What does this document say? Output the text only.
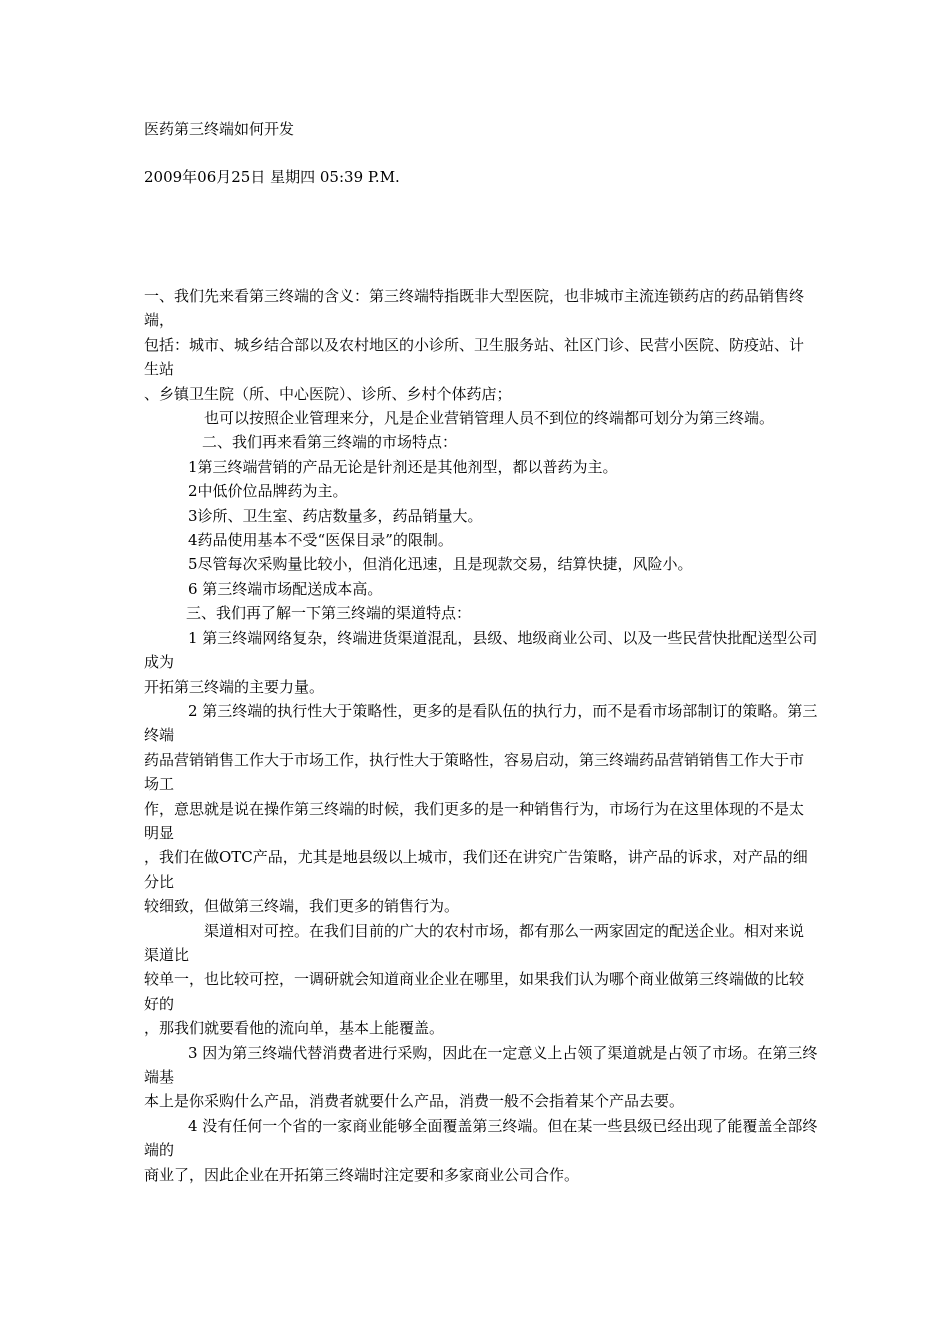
医药第三终端如何开发
2009年06月25日 星期四 05:39 P.M.

一、我们先来看第三终端的含义：第三终端特指既非大型医院，也非城市主流连锁药店的药品销售终端，

包括：城市、城乡结合部以及农村地区的小诊所、卫生服务站、社区门诊、民营小医院、防疫站、计生站

、乡镇卫生院（所、中心医院）、诊所、乡村个体药店；

也可以按照企业管理来分，凡是企业营销管理人员不到位的终端都可划分为第三终端。

二、我们再来看第三终端的市场特点：

1第三终端营销的产品无论是针剂还是其他剂型，都以普药为主。

2中低价位品牌药为主。

3诊所、卫生室、药店数量多，药品销量大。

4药品使用基本不受“医保目录”的限制。

5尽管每次采购量比较小，但消化迅速，且是现款交易，结算快捷，风险小。

6 第三终端市场配送成本高。

三、我们再了解一下第三终端的渠道特点：

1 第三终端网络复杂，终端进货渠道混乱，县级、地级商业公司、以及一些民营快批配送型公司成为

开拓第三终端的主要力量。

2 第三终端的执行性大于策略性，更多的是看队伍的执行力，而不是看市场部制订的策略。第三终端

药品营销销售工作大于市场工作，执行性大于策略性，容易启动，第三终端药品营销销售工作大于市场工

作，意思就是说在操作第三终端的时候，我们更多的是一种销售行为，市场行为在这里体现的不是太明显

，我们在做OTC产品，尤其是地县级以上城市，我们还在讲究广告策略，讲产品的诉求，对产品的细分比

较细致，但做第三终端，我们更多的销售行为。

渠道相对可控。在我们目前的广大的农村市场，都有那么一两家固定的配送企业。相对来说渠道比

较单一，也比较可控，一调研就会知道商业企业在哪里，如果我们认为哪个商业做第三终端做的比较好的

，那我们就要看他的流向单，基本上能覆盖。

3 因为第三终端代替消费者进行采购，因此在一定意义上占领了渠道就是占领了市场。在第三终端基

本上是你采购什么产品，消费者就要什么产品，消费一般不会指着某个产品去要。

4 没有任何一个省的一家商业能够全面覆盖第三终端。但在某一些县级已经出现了能覆盖全部终端的

商业了，因此企业在开拓第三终端时注定要和多家商业公司合作。
